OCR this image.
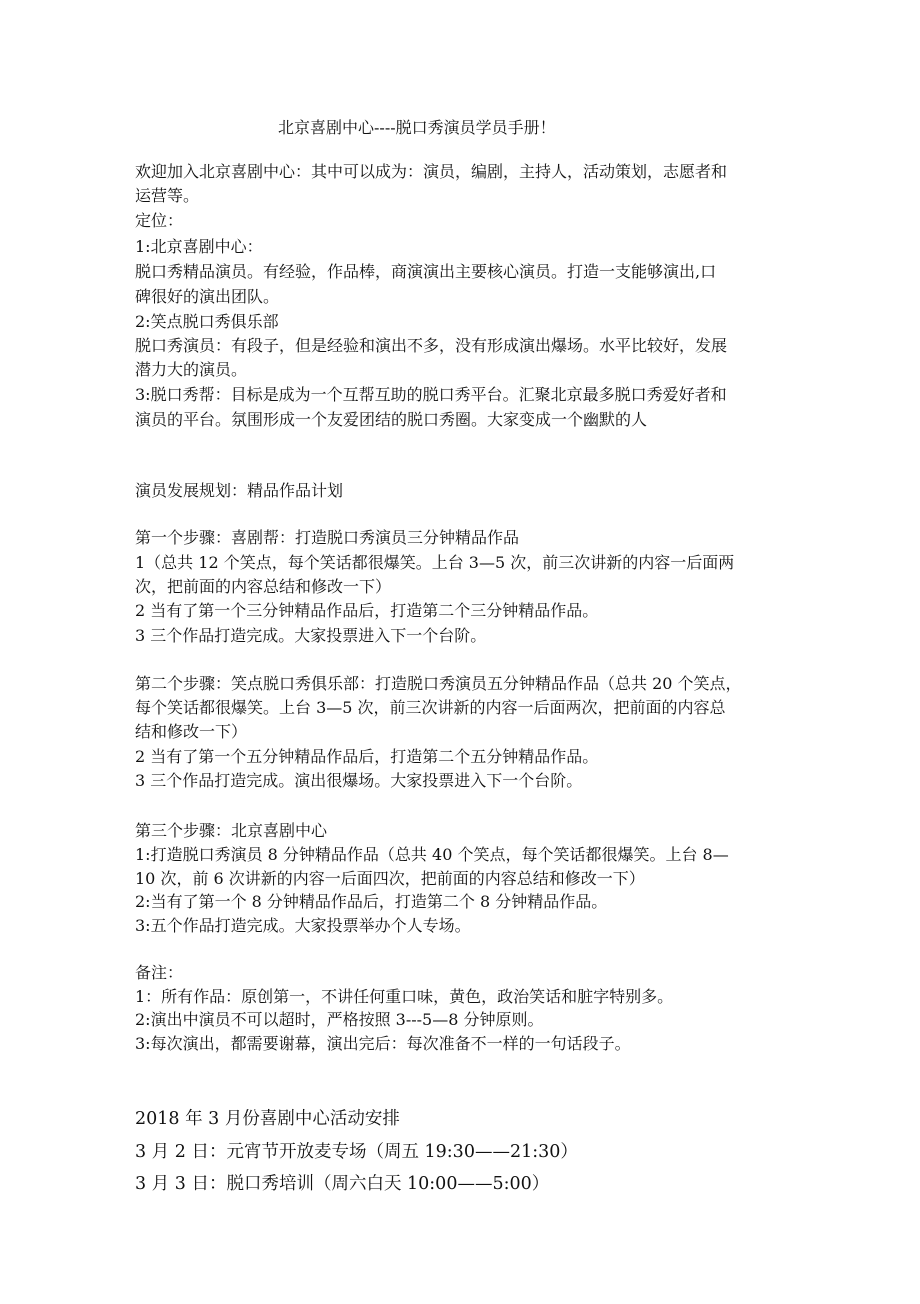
北京喜剧中心----脱口秀演员学员手册！
欢迎加入北京喜剧中心：其中可以成为：演员，编剧，主持人，活动策划，志愿者和
运营等。
定位：
1:北京喜剧中心：
脱口秀精品演员。有经验，作品棒，商演演出主要核心演员。打造一支能够演出,口
碑很好的演出团队。
2:笑点脱口秀俱乐部
脱口秀演员：有段子，但是经验和演出不多，没有形成演出爆场。水平比较好，发展
潜力大的演员。
3:脱口秀帮：目标是成为一个互帮互助的脱口秀平台。汇聚北京最多脱口秀爱好者和
演员的平台。氛围形成一个友爱团结的脱口秀圈。大家变成一个幽默的人
演员发展规划：精品作品计划
第一个步骤：喜剧帮：打造脱口秀演员三分钟精品作品
1（总共 12 个笑点，每个笑话都很爆笑。上台 3—5 次，前三次讲新的内容一后面两
次，把前面的内容总结和修改一下）
2 当有了第一个三分钟精品作品后，打造第二个三分钟精品作品。
3 三个作品打造完成。大家投票进入下一个台阶。
第二个步骤：笑点脱口秀俱乐部：打造脱口秀演员五分钟精品作品（总共 20 个笑点，
每个笑话都很爆笑。上台 3—5 次，前三次讲新的内容一后面两次，把前面的内容总
结和修改一下）
2 当有了第一个五分钟精品作品后，打造第二个五分钟精品作品。
3 三个作品打造完成。演出很爆场。大家投票进入下一个台阶。
第三个步骤：北京喜剧中心
1:打造脱口秀演员 8 分钟精品作品（总共 40 个笑点，每个笑话都很爆笑。上台 8—
10 次，前 6 次讲新的内容一后面四次，把前面的内容总结和修改一下）
2:当有了第一个 8 分钟精品作品后，打造第二个 8 分钟精品作品。
3:五个作品打造完成。大家投票举办个人专场。
备注：
1：所有作品：原创第一，不讲任何重口味，黄色，政治笑话和脏字特别多。
2:演出中演员不可以超时，严格按照 3---5—8 分钟原则。
3:每次演出，都需要谢幕，演出完后：每次准备不一样的一句话段子。
2018 年 3 月份喜剧中心活动安排
3 月 2 日：元宵节开放麦专场（周五 19:30——21:30）
3 月 3 日：脱口秀培训（周六白天 10:00——5:00）
